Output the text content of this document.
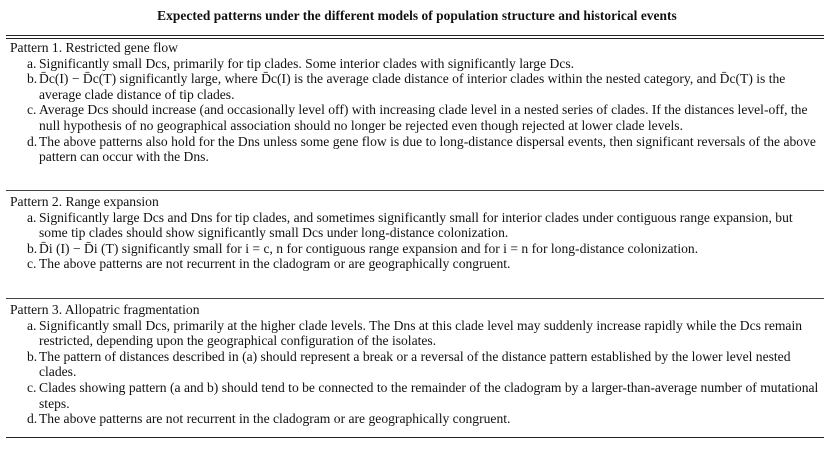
Expected patterns under the different models of population structure and historical events
Pattern 1. Restricted gene flow
a. Significantly small Dcs, primarily for tip clades. Some interior clades with significantly large Dcs.
b. D̄c(I) − D̄c(T) significantly large, where D̄c(I) is the average clade distance of interior clades within the nested category, and D̄c(T) is the average clade distance of tip clades.
c. Average Dcs should increase (and occasionally level off) with increasing clade level in a nested series of clades. If the distances level-off, the null hypothesis of no geographical association should no longer be rejected even though rejected at lower clade levels.
d. The above patterns also hold for the Dns unless some gene flow is due to long-distance dispersal events, then significant reversals of the above pattern can occur with the Dns.
Pattern 2. Range expansion
a. Significantly large Dcs and Dns for tip clades, and sometimes significantly small for interior clades under contiguous range expansion, but some tip clades should show significantly small Dcs under long-distance colonization.
b. D̄i (I) − D̄i (T) significantly small for i = c, n for contiguous range expansion and for i = n for long-distance colonization.
c. The above patterns are not recurrent in the cladogram or are geographically congruent.
Pattern 3. Allopatric fragmentation
a. Significantly small Dcs, primarily at the higher clade levels. The Dns at this clade level may suddenly increase rapidly while the Dcs remain restricted, depending upon the geographical configuration of the isolates.
b. The pattern of distances described in (a) should represent a break or a reversal of the distance pattern established by the lower level nested clades.
c. Clades showing pattern (a and b) should tend to be connected to the remainder of the cladogram by a larger-than-average number of mutational steps.
d. The above patterns are not recurrent in the cladogram or are geographically congruent.
